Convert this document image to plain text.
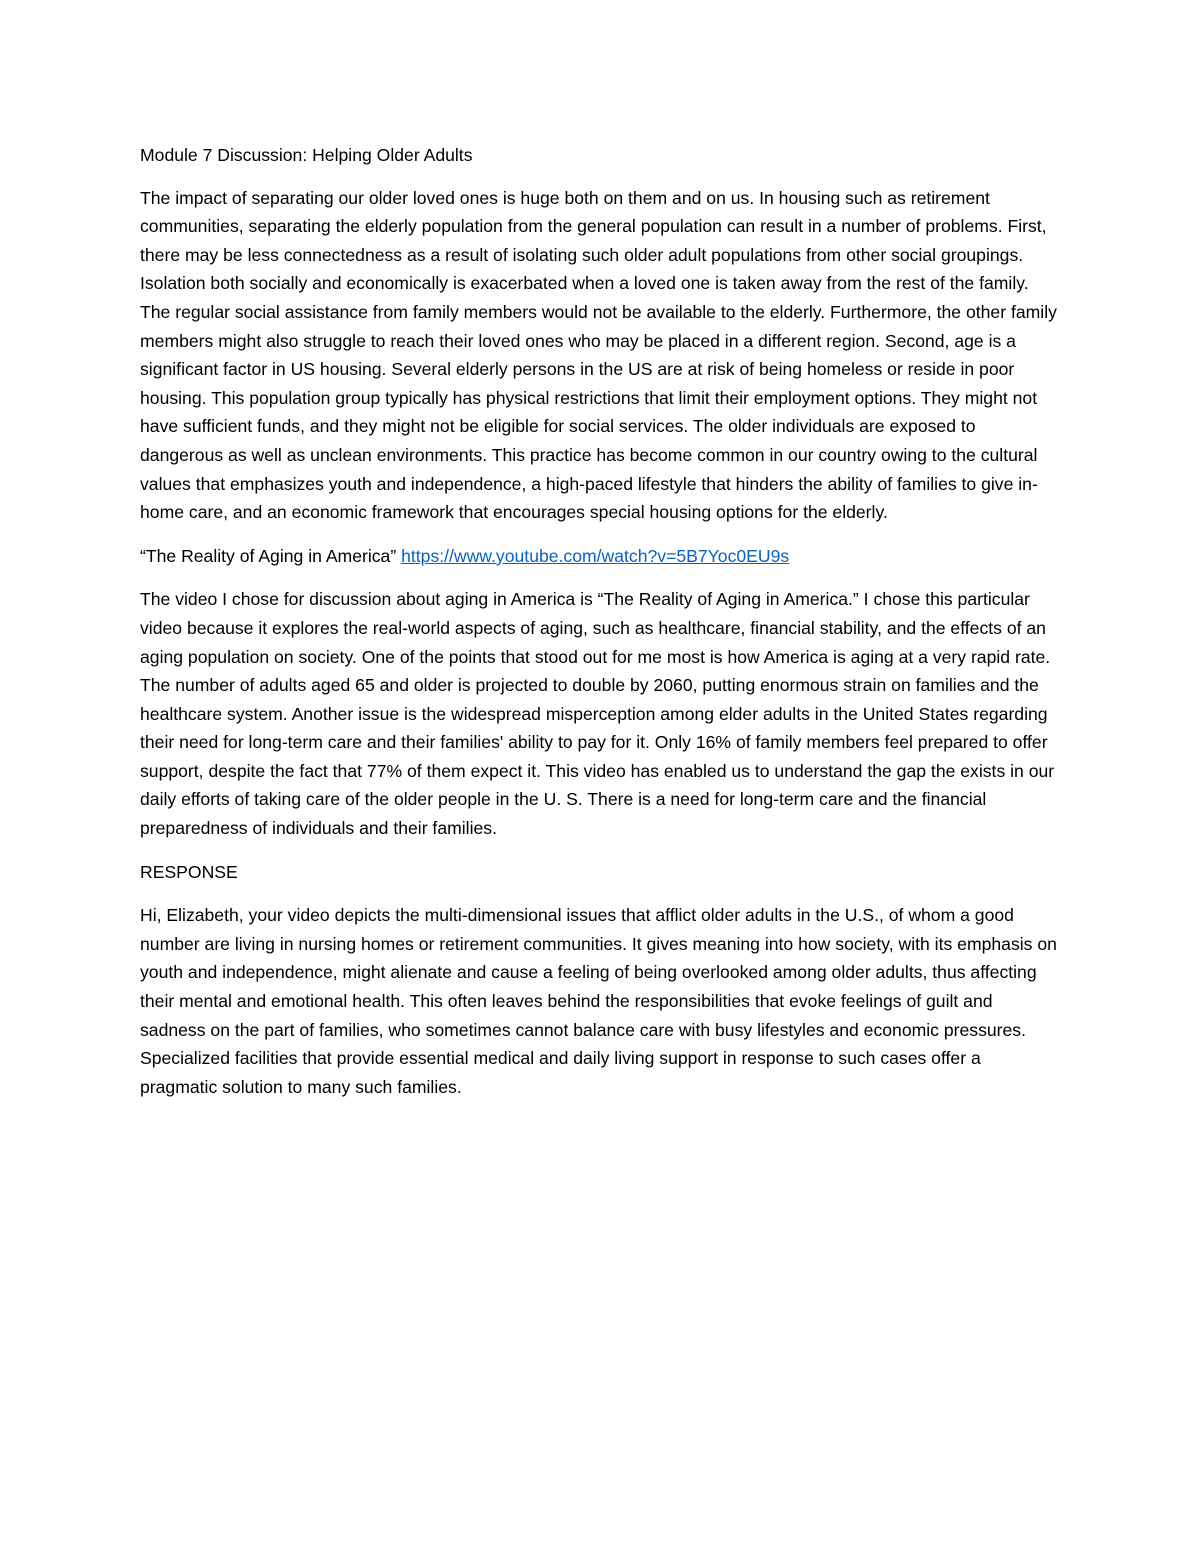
Module 7 Discussion: Helping Older Adults

The impact of separating our older loved ones is huge both on them and on us. In housing such as retirement communities, separating the elderly population from the general population can result in a number of problems. First, there may be less connectedness as a result of isolating such older adult populations from other social groupings. Isolation both socially and economically is exacerbated when a loved one is taken away from the rest of the family. The regular social assistance from family members would not be available to the elderly. Furthermore, the other family members might also struggle to reach their loved ones who may be placed in a different region. Second, age is a significant factor in US housing. Several elderly persons in the US are at risk of being homeless or reside in poor housing. This population group typically has physical restrictions that limit their employment options. They might not have sufficient funds, and they might not be eligible for social services. The older individuals are exposed to dangerous as well as unclean environments. This practice has become common in our country owing to the cultural values that emphasizes youth and independence, a high-paced lifestyle that hinders the ability of families to give in-home care, and an economic framework that encourages special housing options for the elderly.

“The Reality of Aging in America” https://www.youtube.com/watch?v=5B7Yoc0EU9s

The video I chose for discussion about aging in America is “The Reality of Aging in America.” I chose this particular video because it explores the real-world aspects of aging, such as healthcare, financial stability, and the effects of an aging population on society. One of the points that stood out for me most is how America is aging at a very rapid rate. The number of adults aged 65 and older is projected to double by 2060, putting enormous strain on families and the healthcare system. Another issue is the widespread misperception among elder adults in the United States regarding their need for long-term care and their families' ability to pay for it. Only 16% of family members feel prepared to offer support, despite the fact that 77% of them expect it. This video has enabled us to understand the gap the exists in our daily efforts of taking care of the older people in the U. S. There is a need for long-term care and the financial preparedness of individuals and their families.

RESPONSE

Hi, Elizabeth, your video depicts the multi-dimensional issues that afflict older adults in the U.S., of whom a good number are living in nursing homes or retirement communities. It gives meaning into how society, with its emphasis on youth and independence, might alienate and cause a feeling of being overlooked among older adults, thus affecting their mental and emotional health. This often leaves behind the responsibilities that evoke feelings of guilt and sadness on the part of families, who sometimes cannot balance care with busy lifestyles and economic pressures. Specialized facilities that provide essential medical and daily living support in response to such cases offer a pragmatic solution to many such families.
